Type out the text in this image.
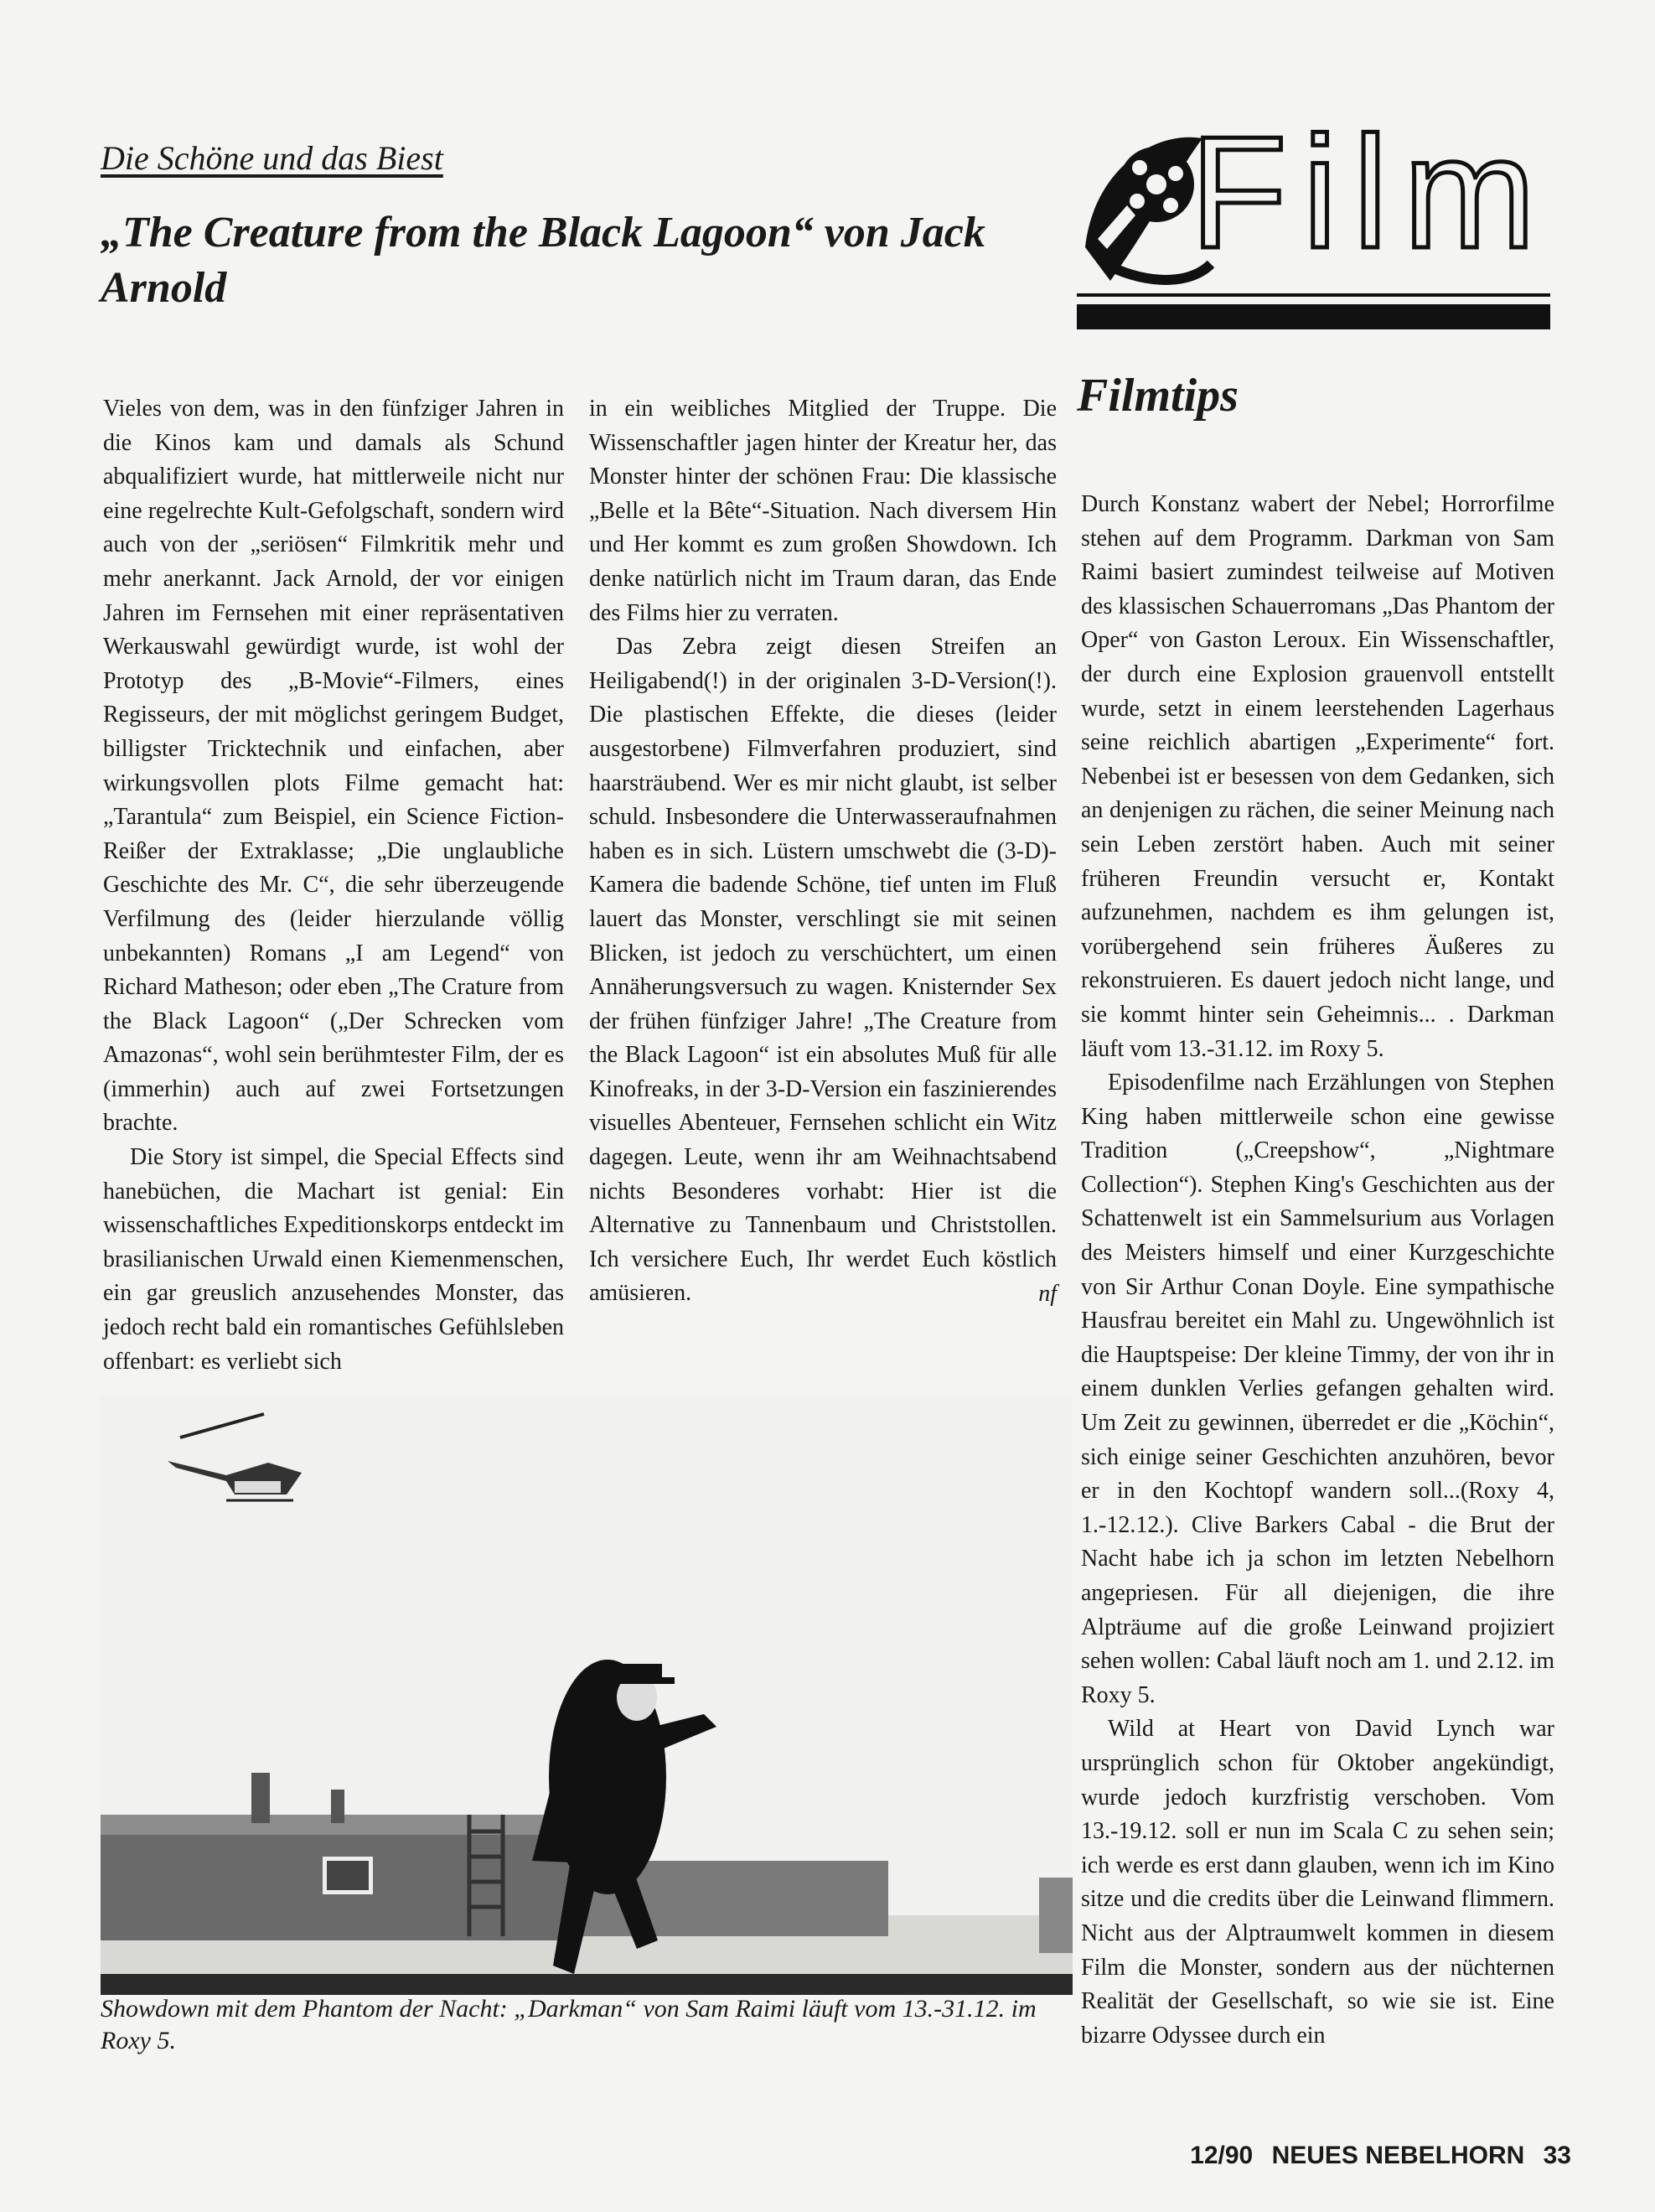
Die Schöne und das Biest
„The Creature from the Black Lagoon“ von Jack Arnold
Film
Filmtips

Vieles von dem, was in den fünfziger Jahren in die Kinos kam und damals als Schund abqualifiziert wurde, hat mittlerweile nicht nur eine regelrechte Kult-Gefolgschaft, sondern wird auch von der „seriösen“ Filmkritik mehr und mehr anerkannt. Jack Arnold, der vor einigen Jahren im Fernsehen mit einer repräsentativen Werkauswahl gewürdigt wurde, ist wohl der Prototyp des „B-Movie“-Filmers, eines Regisseurs, der mit möglichst geringem Budget, billigster Tricktechnik und einfachen, aber wirkungsvollen plots Filme gemacht hat: „Tarantula“ zum Beispiel, ein Science Fiction-Reißer der Extraklasse; „Die unglaubliche Geschichte des Mr. C“, die sehr überzeugende Verfilmung des (leider hierzulande völlig unbekannten) Romans „I am Legend“ von Richard Matheson; oder eben „The Crature from the Black Lagoon“ („Der Schrecken vom Amazonas“, wohl sein berühmtester Film, der es (immerhin) auch auf zwei Fortsetzungen brachte.

Die Story ist simpel, die Special Effects sind hanebüchen, die Machart ist genial: Ein wissenschaftliches Expeditionskorps entdeckt im brasilianischen Urwald einen Kiemenmenschen, ein gar greuslich anzusehendes Monster, das jedoch recht bald ein romantisches Gefühlsleben offenbart: es verliebt sich

in ein weibliches Mitglied der Truppe. Die Wissenschaftler jagen hinter der Kreatur her, das Monster hinter der schönen Frau: Die klassische „Belle et la Bête“-Situation. Nach diversem Hin und Her kommt es zum großen Showdown. Ich denke natürlich nicht im Traum daran, das Ende des Films hier zu verraten.

Das Zebra zeigt diesen Streifen an Heiligabend(!) in der originalen 3-D-Version(!). Die plastischen Effekte, die dieses (leider ausgestorbene) Filmverfahren produziert, sind haarsträubend. Wer es mir nicht glaubt, ist selber schuld. Insbesondere die Unterwasseraufnahmen haben es in sich. Lüstern umschwebt die (3-D)-Kamera die badende Schöne, tief unten im Fluß lauert das Monster, verschlingt sie mit seinen Blicken, ist jedoch zu verschüchtert, um einen Annäherungsversuch zu wagen. Knisternder Sex der frühen fünfziger Jahre! „The Creature from the Black Lagoon“ ist ein absolutes Muß für alle Kinofreaks, in der 3-D-Version ein faszinierendes visuelles Abenteuer, Fernsehen schlicht ein Witz dagegen. Leute, wenn ihr am Weihnachtsabend nichts Besonderes vorhabt: Hier ist die Alternative zu Tannenbaum und Christstollen. Ich versichere Euch, Ihr werdet Euch köstlich amüsieren.	nf

Durch Konstanz wabert der Nebel; Horrorfilme stehen auf dem Programm. Darkman von Sam Raimi basiert zumindest teilweise auf Motiven des klassischen Schauerromans „Das Phantom der Oper“ von Gaston Leroux. Ein Wissenschaftler, der durch eine Explosion grauenvoll entstellt wurde, setzt in einem leerstehenden Lagerhaus seine reichlich abartigen „Experimente“ fort. Nebenbei ist er besessen von dem Gedanken, sich an denjenigen zu rächen, die seiner Meinung nach sein Leben zerstört haben. Auch mit seiner früheren Freundin versucht er, Kontakt aufzunehmen, nachdem es ihm gelungen ist, vorübergehend sein früheres Äußeres zu rekonstruieren. Es dauert jedoch nicht lange, und sie kommt hinter sein Geheimnis... . Darkman läuft vom 13.-31.12. im Roxy 5.

Episodenfilme nach Erzählungen von Stephen King haben mittlerweile schon eine gewisse Tradition („Creepshow“, „Nightmare Collection“). Stephen King's Geschichten aus der Schattenwelt ist ein Sammelsurium aus Vorlagen des Meisters himself und einer Kurzgeschichte von Sir Arthur Conan Doyle. Eine sympathische Hausfrau bereitet ein Mahl zu. Ungewöhnlich ist die Hauptspeise: Der kleine Timmy, der von ihr in einem dunklen Verlies gefangen gehalten wird. Um Zeit zu gewinnen, überredet er die „Köchin“, sich einige seiner Geschichten anzuhören, bevor er in den Kochtopf wandern soll...(Roxy 4, 1.-12.12.). Clive Barkers Cabal - die Brut der Nacht habe ich ja schon im letzten Nebelhorn angepriesen. Für all diejenigen, die ihre Alpträume auf die große Leinwand projiziert sehen wollen: Cabal läuft noch am 1. und 2.12. im Roxy 5.

Wild at Heart von David Lynch war ursprünglich schon für Oktober angekündigt, wurde jedoch kurzfristig verschoben. Vom 13.-19.12. soll er nun im Scala C zu sehen sein; ich werde es erst dann glauben, wenn ich im Kino sitze und die credits über die Leinwand flimmern. Nicht aus der Alptraumwelt kommen in diesem Film die Monster, sondern aus der nüchternen Realität der Gesellschaft, so wie sie ist. Eine bizarre Odyssee durch ein

Showdown mit dem Phantom der Nacht: „Darkman“ von Sam Raimi läuft vom 13.-31.12. im Roxy 5.
12/90 NEUES NEBELHORN 33
